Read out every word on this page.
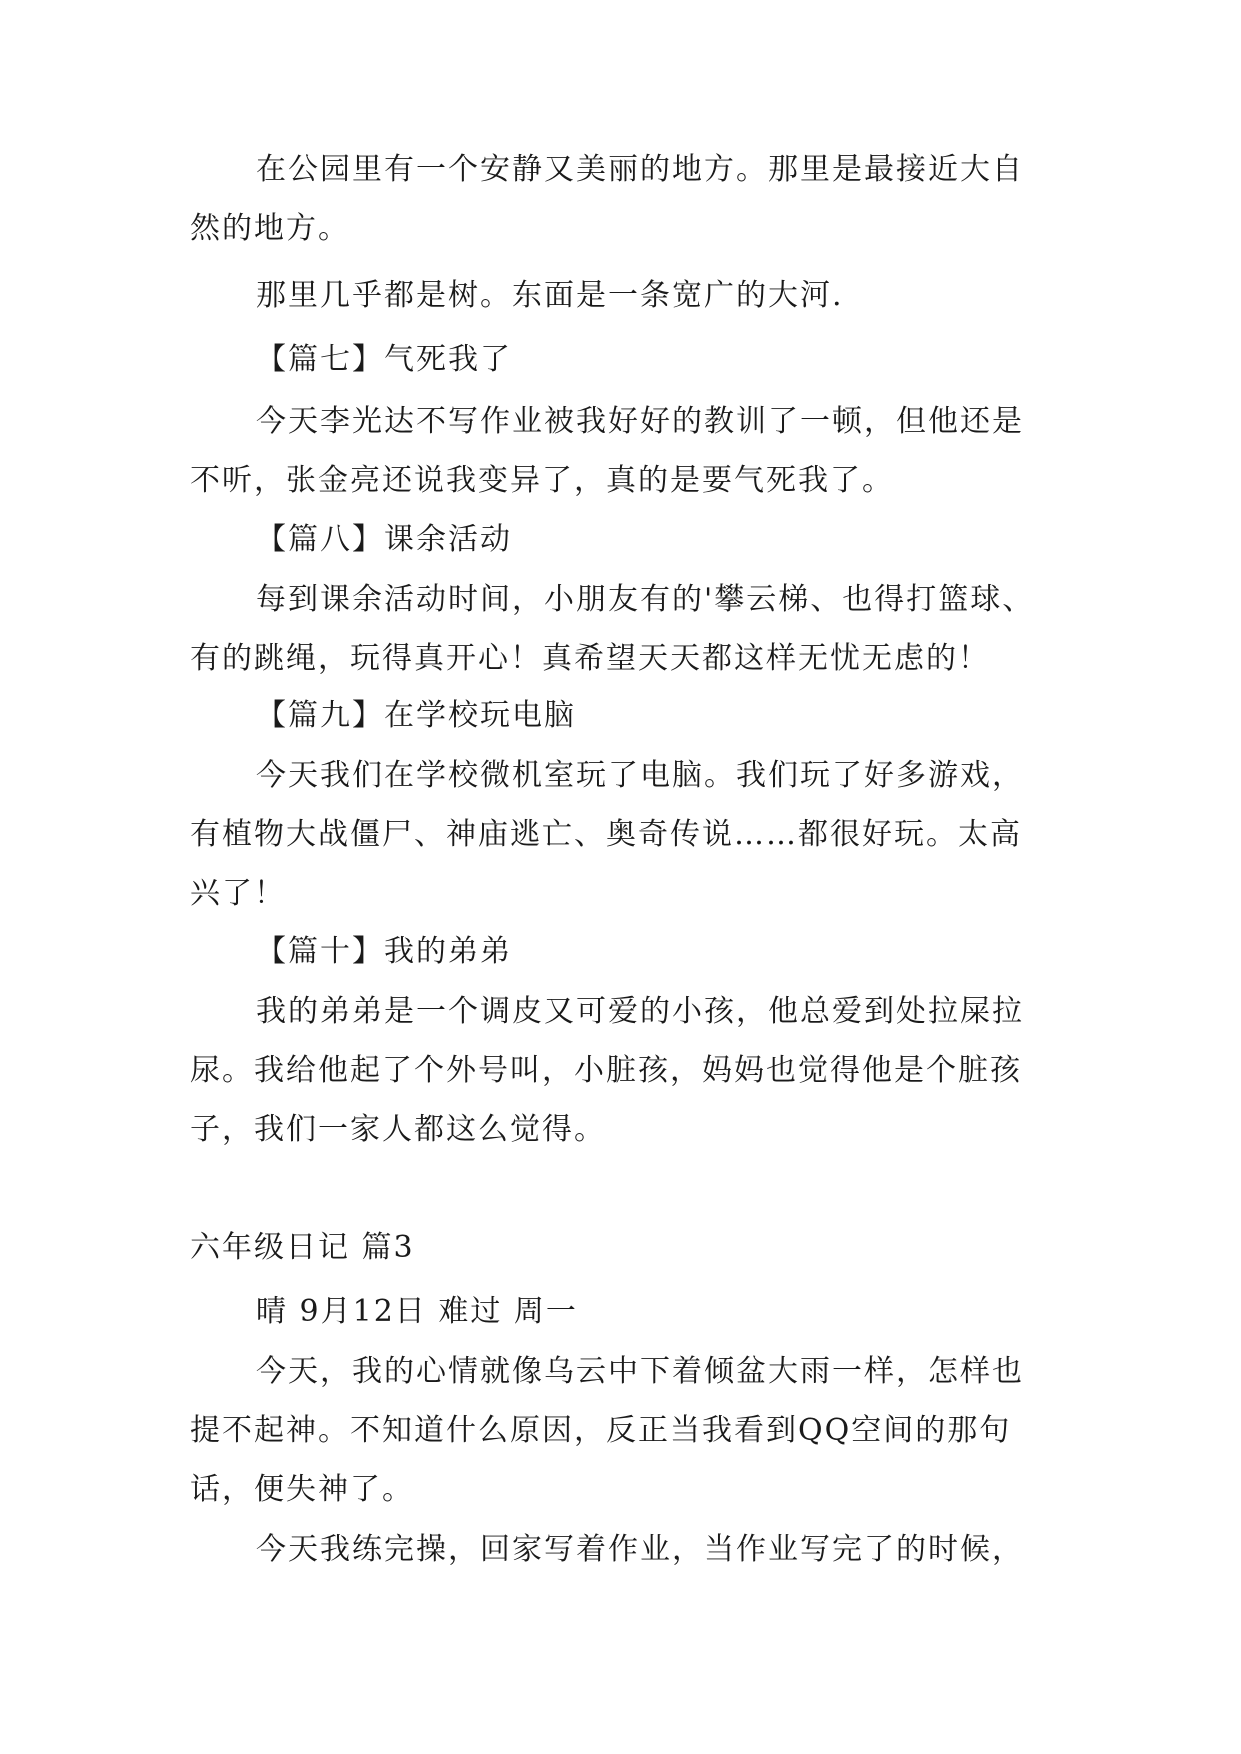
在公园里有一个安静又美丽的地方。那里是最接近大自
然的地方。

那里几乎都是树。东面是一条宽广的大河.

【篇七】气死我了

今天李光达不写作业被我好好的教训了一顿，但他还是
不听，张金亮还说我变异了，真的是要气死我了。

【篇八】课余活动

每到课余活动时间，小朋友有的'攀云梯、也得打篮球、
有的跳绳，玩得真开心！真希望天天都这样无忧无虑的！

【篇九】在学校玩电脑

今天我们在学校微机室玩了电脑。我们玩了好多游戏，
有植物大战僵尸、神庙逃亡、奥奇传说……都很好玩。太高
兴了！

【篇十】我的弟弟

我的弟弟是一个调皮又可爱的小孩，他总爱到处拉屎拉
尿。我给他起了个外号叫，小脏孩，妈妈也觉得他是个脏孩
子，我们一家人都这么觉得。

六年级日记 篇3

晴 9月12日 难过 周一

今天，我的心情就像乌云中下着倾盆大雨一样，怎样也
提不起神。不知道什么原因，反正当我看到QQ空间的那句
话，便失神了。

今天我练完操，回家写着作业，当作业写完了的时候，
